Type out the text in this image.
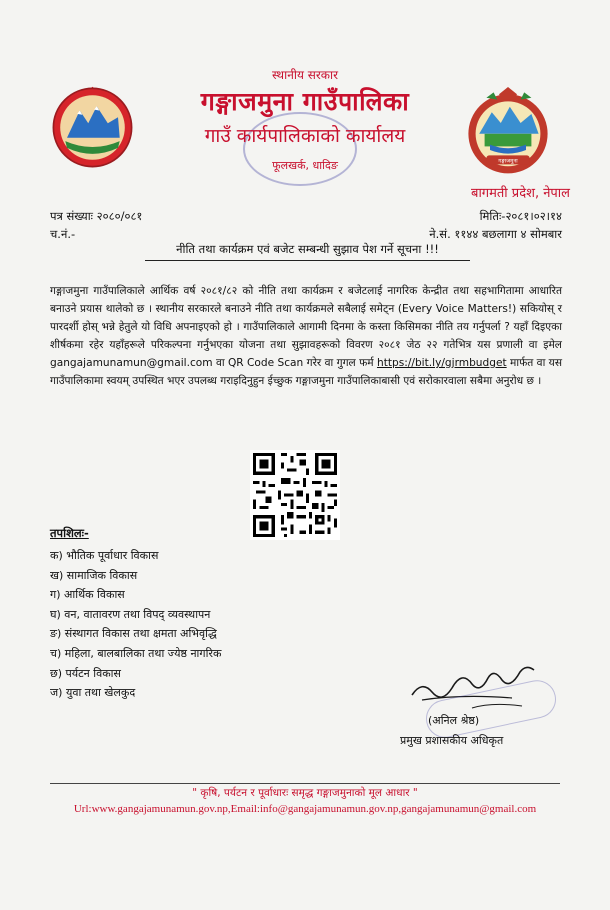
गङ्गाजमुना
स्थानीय सरकार
गङ्गाजमुना गाउँपालिका
गाउँ कार्यपालिकाको कार्यालय
फूलखर्क, धादिङ
बागमती प्रदेश, नेपाल
पत्र संख्याः २०८०/०८१
च.नं.-
मितिः-२०८१।०२।१४
ने.सं. ११४४ बछलागा ४ सोमबार
नीति तथा कार्यक्रम एवं बजेट सम्बन्धी सुझाव पेश गर्ने सूचना !!!
गङ्गाजमुना गाउँपालिकाले आर्थिक वर्ष २०८१/८२ को नीति तथा कार्यक्रम र बजेटलाई नागरिक केन्द्रीत तथा सहभागितामा आधारित बनाउने प्रयास थालेको छ । स्थानीय सरकारले बनाउने नीति तथा कार्यक्रमले सबैलाई समेट्न (Every Voice Matters!) सकियोस् र पारदर्शी होस् भन्ने हेतुले यो विधि अपनाइएको हो । गाउँपालिकाले आगामी दिनमा के कस्ता किसिमका नीति तय गर्नुपर्ला ? यहाँ दिइएका शीर्षकमा रहेर यहाँहरूले परिकल्पना गर्नुभएका योजना तथा सुझावहरूको विवरण २०८१ जेठ २२ गतेभित्र यस प्रणाली वा इमेल gangajamunamun@gmail.com वा QR Code Scan गरेर वा गुगल फर्म https://bit.ly/gjrmbudget मार्फत वा यस गाउँपालिकामा स्वयम् उपस्थित भएर उपलब्ध गराइदिनुहुन ईच्छुक गङ्गाजमुना गाउँपालिकाबासी एवं सरोकारवाला सबैमा अनुरोध छ ।
तपशिलः-
क) भौतिक पूर्वाधार विकास
ख) सामाजिक विकास
ग) आर्थिक विकास
घ) वन, वातावरण तथा विपद् व्यवस्थापन
ङ) संस्थागत विकास तथा क्षमता अभिवृद्धि
च) महिला, बालबालिका तथा ज्येष्ठ नागरिक
छ) पर्यटन विकास
ज) युवा तथा खेलकुद
(अनिल श्रेष्ठ)
प्रमुख प्रशासकीय अधिकृत
" कृषि, पर्यटन र पूर्वाधारः समृद्ध गङ्गाजमुनाको मूल आधार "
Url:www.gangajamunamun.gov.np,Email:info@gangajamunamun.gov.np,gangajamunamun@gmail.com
